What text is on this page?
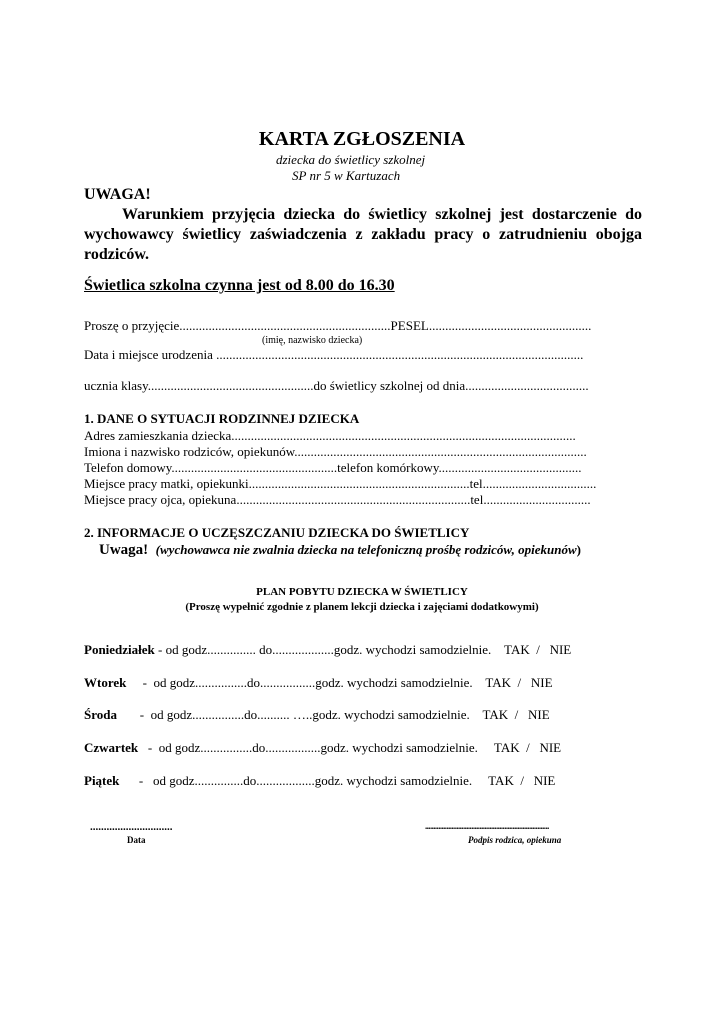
KARTA ZGŁOSZENIA
dziecka do świetlicy szkolnej
SP nr 5 w Kartuzach
UWAGA!
Warunkiem przyjęcia dziecka do świetlicy szkolnej jest dostarczenie do wychowawcy świetlicy zaświadczenia z zakładu pracy o zatrudnieniu obojga rodziców.
Świetlica szkolna czynna jest od 8.00 do 16.30
Proszę o przyjęcie.................................................................PESEL..................................................
(imię, nazwisko dziecka)
Data i miejsce urodzenia .................................................................................................................
ucznia klasy...................................................do świetlicy szkolnej od dnia......................................
1. DANE O SYTUACJI RODZINNEJ DZIECKA
Adres zamieszkania dziecka..........................................................................................................
Imiona i nazwisko rodziców, opiekunów..........................................................................................
Telefon domowy...................................................telefon komórkowy............................................
Miejsce pracy matki, opiekunki....................................................................tel...................................
Miejsce pracy ojca, opiekuna........................................................................tel.................................
2. INFORMACJE O UCZĘSZCZANIU DZIECKA DO ŚWIETLICY
Uwaga! (wychowawca nie zwalnia dziecka na telefoniczną prośbę rodziców, opiekunów)
PLAN POBYTU DZIECKA W ŚWIETLICY
(Proszę wypełnić zgodnie z planem lekcji dziecka i zajęciami dodatkowymi)
Poniedziałek - od godz............... do...................godz. wychodzi samodzielnie.    TAK  /   NIE
Wtorek     -  od godz................do.................godz. wychodzi samodzielnie.    TAK  /   NIE
Środa       -  od godz................do.......... …..godz. wychodzi samodzielnie.    TAK  /   NIE
Czwartek   -  od godz................do.................godz. wychodzi samodzielnie.     TAK  /   NIE
Piątek      -   od godz...............do..................godz. wychodzi samodzielnie.     TAK  /   NIE
..............................
Data
...........................................................................
Podpis rodzica, opiekuna
